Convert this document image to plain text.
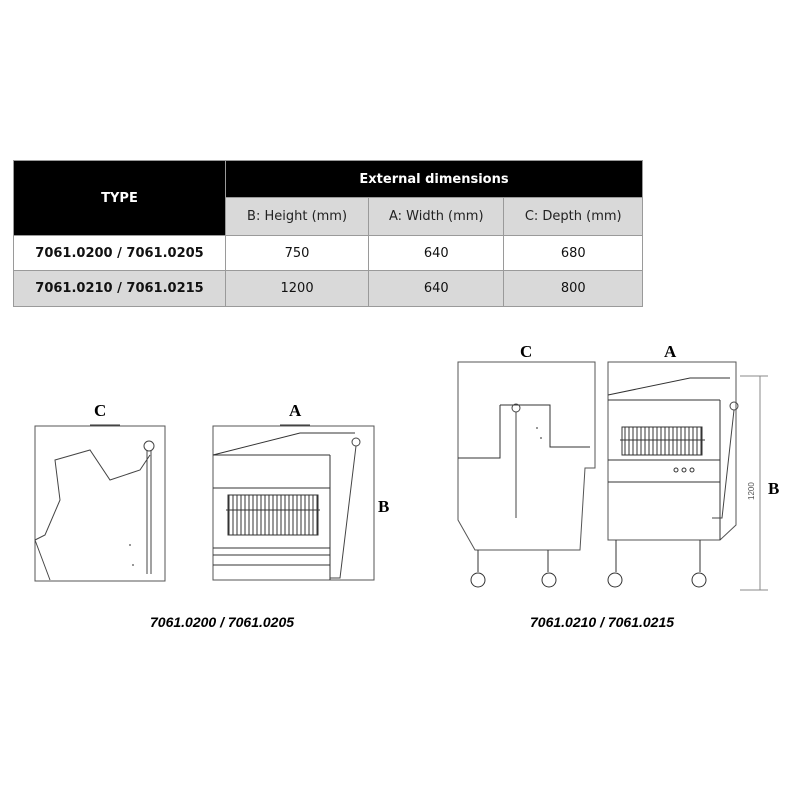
TYPE	External dimensions		
	B: Height (mm)	A: Width (mm)	C: Depth (mm)
7061.0200 / 7061.0205	750	640	680
7061.0210 / 7061.0215	1200	640	800
C	A
B
7061.0200 / 7061.0205
C	A
B
1200
7061.0210 / 7061.0215
